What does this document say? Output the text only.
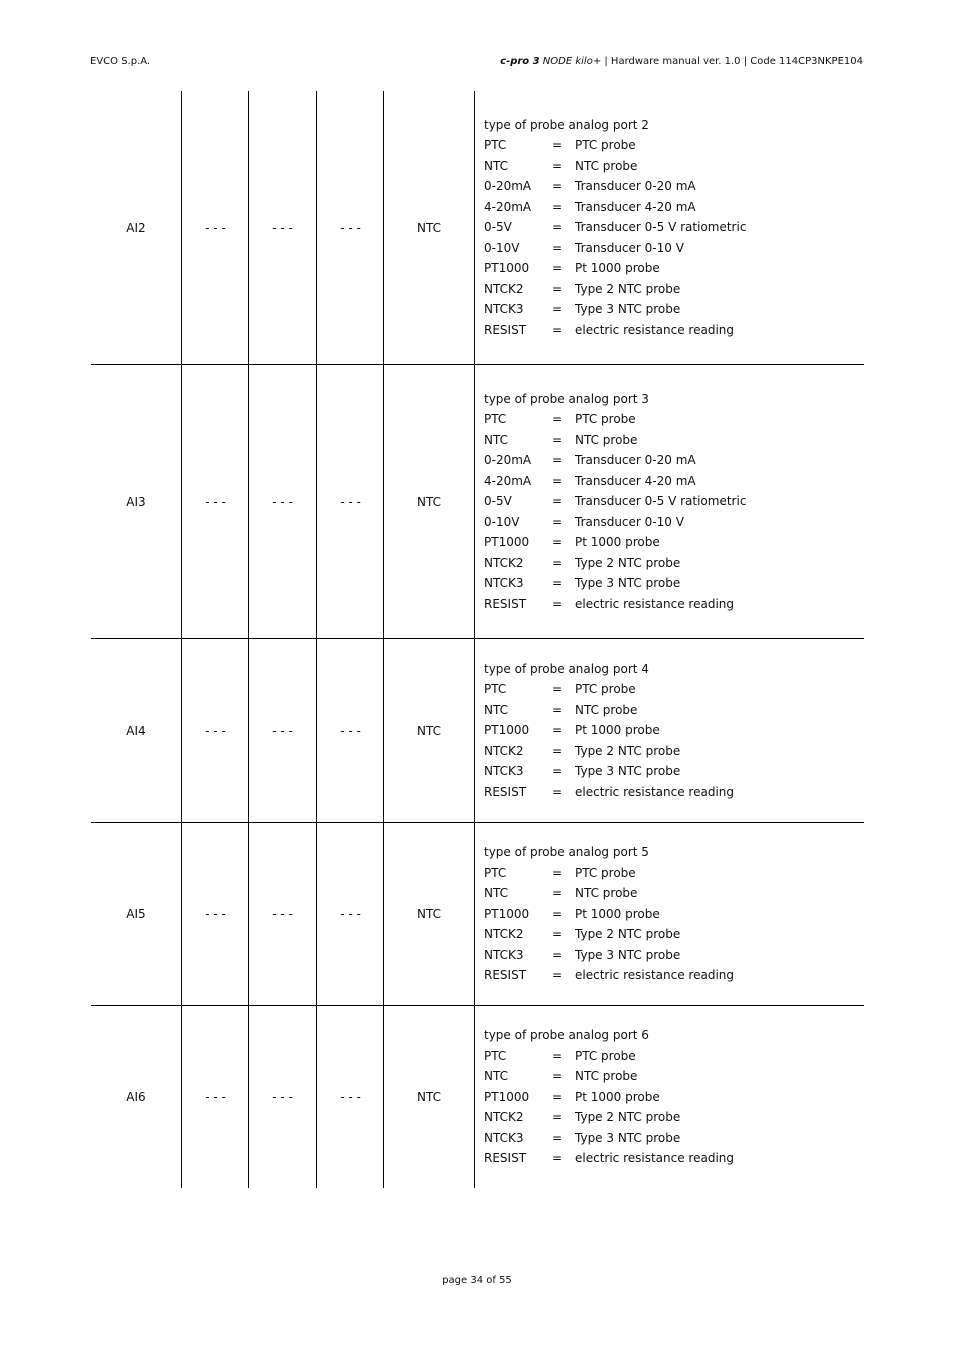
EVCO S.p.A.	c-pro 3 NODE kilo+ | Hardware manual ver. 1.0 | Code 114CP3NKPE104
AI2	- - -	- - -	- - -	NTC
type of probe analog port 2
PTC	=	PTC probe
NTC	=	NTC probe
0-20mA	=	Transducer 0-20 mA
4-20mA	=	Transducer 4-20 mA
0-5V	=	Transducer 0-5 V ratiometric
0-10V	=	Transducer 0-10 V
PT1000	=	Pt 1000 probe
NTCK2	=	Type 2 NTC probe
NTCK3	=	Type 3 NTC probe
RESIST	=	electric resistance reading
AI3	- - -	- - -	- - -	NTC
type of probe analog port 3
PTC	=	PTC probe
NTC	=	NTC probe
0-20mA	=	Transducer 0-20 mA
4-20mA	=	Transducer 4-20 mA
0-5V	=	Transducer 0-5 V ratiometric
0-10V	=	Transducer 0-10 V
PT1000	=	Pt 1000 probe
NTCK2	=	Type 2 NTC probe
NTCK3	=	Type 3 NTC probe
RESIST	=	electric resistance reading
AI4	- - -	- - -	- - -	NTC
type of probe analog port 4
PTC	=	PTC probe
NTC	=	NTC probe
PT1000	=	Pt 1000 probe
NTCK2	=	Type 2 NTC probe
NTCK3	=	Type 3 NTC probe
RESIST	=	electric resistance reading
AI5	- - -	- - -	- - -	NTC
type of probe analog port 5
PTC	=	PTC probe
NTC	=	NTC probe
PT1000	=	Pt 1000 probe
NTCK2	=	Type 2 NTC probe
NTCK3	=	Type 3 NTC probe
RESIST	=	electric resistance reading
AI6	- - -	- - -	- - -	NTC
type of probe analog port 6
PTC	=	PTC probe
NTC	=	NTC probe
PT1000	=	Pt 1000 probe
NTCK2	=	Type 2 NTC probe
NTCK3	=	Type 3 NTC probe
RESIST	=	electric resistance reading
page 34 of 55
